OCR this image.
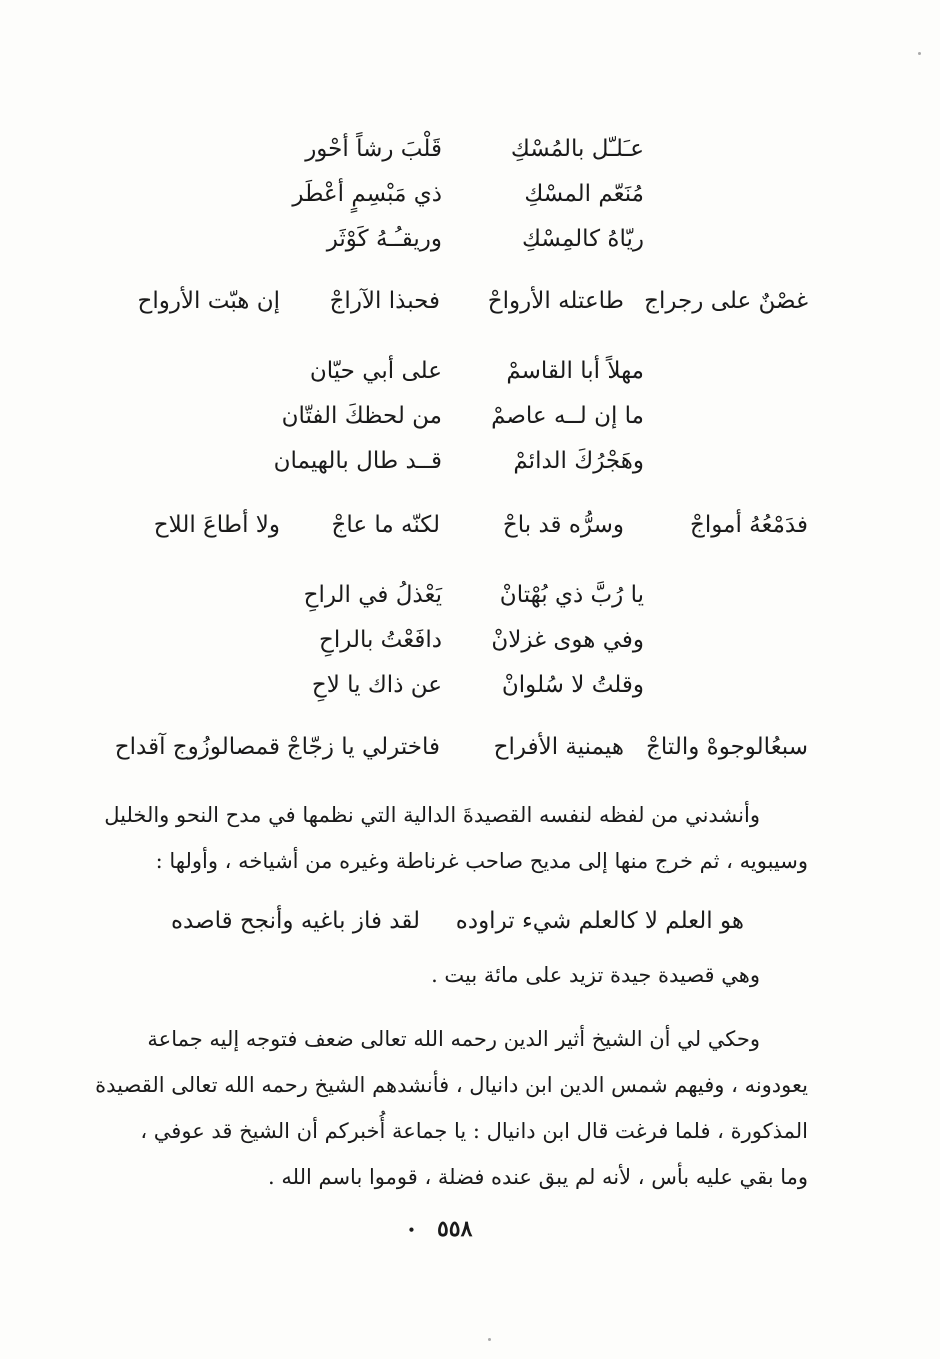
عـَلـّل بالمُسْكِ
قَلْبَ رشاً أحْور
مُنَعّم المسْكِ
ذي مَبْسِمٍ أعْطَر
ريّاهُ كالمِسْكِ
وريقـُـهُ كَوْثَر
غصْنٌ على رجراج
طاعتله الأرواحْ
فحبذا الآراجْ
إن هبّت الأرواح
مهلاً أبا القاسمْ
على أبي حيّان
ما إن لــه عاصمْ
من لحظكَ الفتّان
وهَجْرُكَ الدائمْ
قــد طال بالهيمان
فدَمْعُهُ أمواجْ
وسرُّه قد باحْ
لكنّه ما عاجْ
ولا أطاعَ اللاح
يا رُبَّ ذي بُهْتانْ
يَعْذلُ في الراحِ
وفي هوى غزلانْ
دافَعْتُ بالراحِ
وقلتُ لا سُلوانْ
عن ذاك يا لاحِ
سبعُالوجوهْ والتاجْ
هيمنية الأفراح
فاخترلي يا زجّاجْ
قمصالوزُوج آقداح
وأنشدني من لفظه لنفسه القصيدةَ الدالية التي نظمها في مدح النحو والخليل
وسيبويه ، ثم خرج منها إلى مديح صاحب غرناطة وغيره من أشياخه ، وأولها :
هو العلم لا كالعلم شيء تراوده
لقد فاز باغيه وأنجح قاصده
وهي قصيدة جيدة تزيد على مائة بيت .
وحكي لي أن الشيخ أثير الدين رحمه الله تعالى ضعف فتوجه إليه جماعة
يعودونه ، وفيهم شمس الدين ابن دانيال ، فأنشدهم الشيخ رحمه الله تعالى القصيدة
المذكورة ، فلما فرغت قال ابن دانيال : يا جماعة أُخبركم أن الشيخ قد عوفي ،
وما بقي عليه بأس ، لأنه لم يبق عنده فضلة ، قوموا باسم الله .
٥٥٨ •
